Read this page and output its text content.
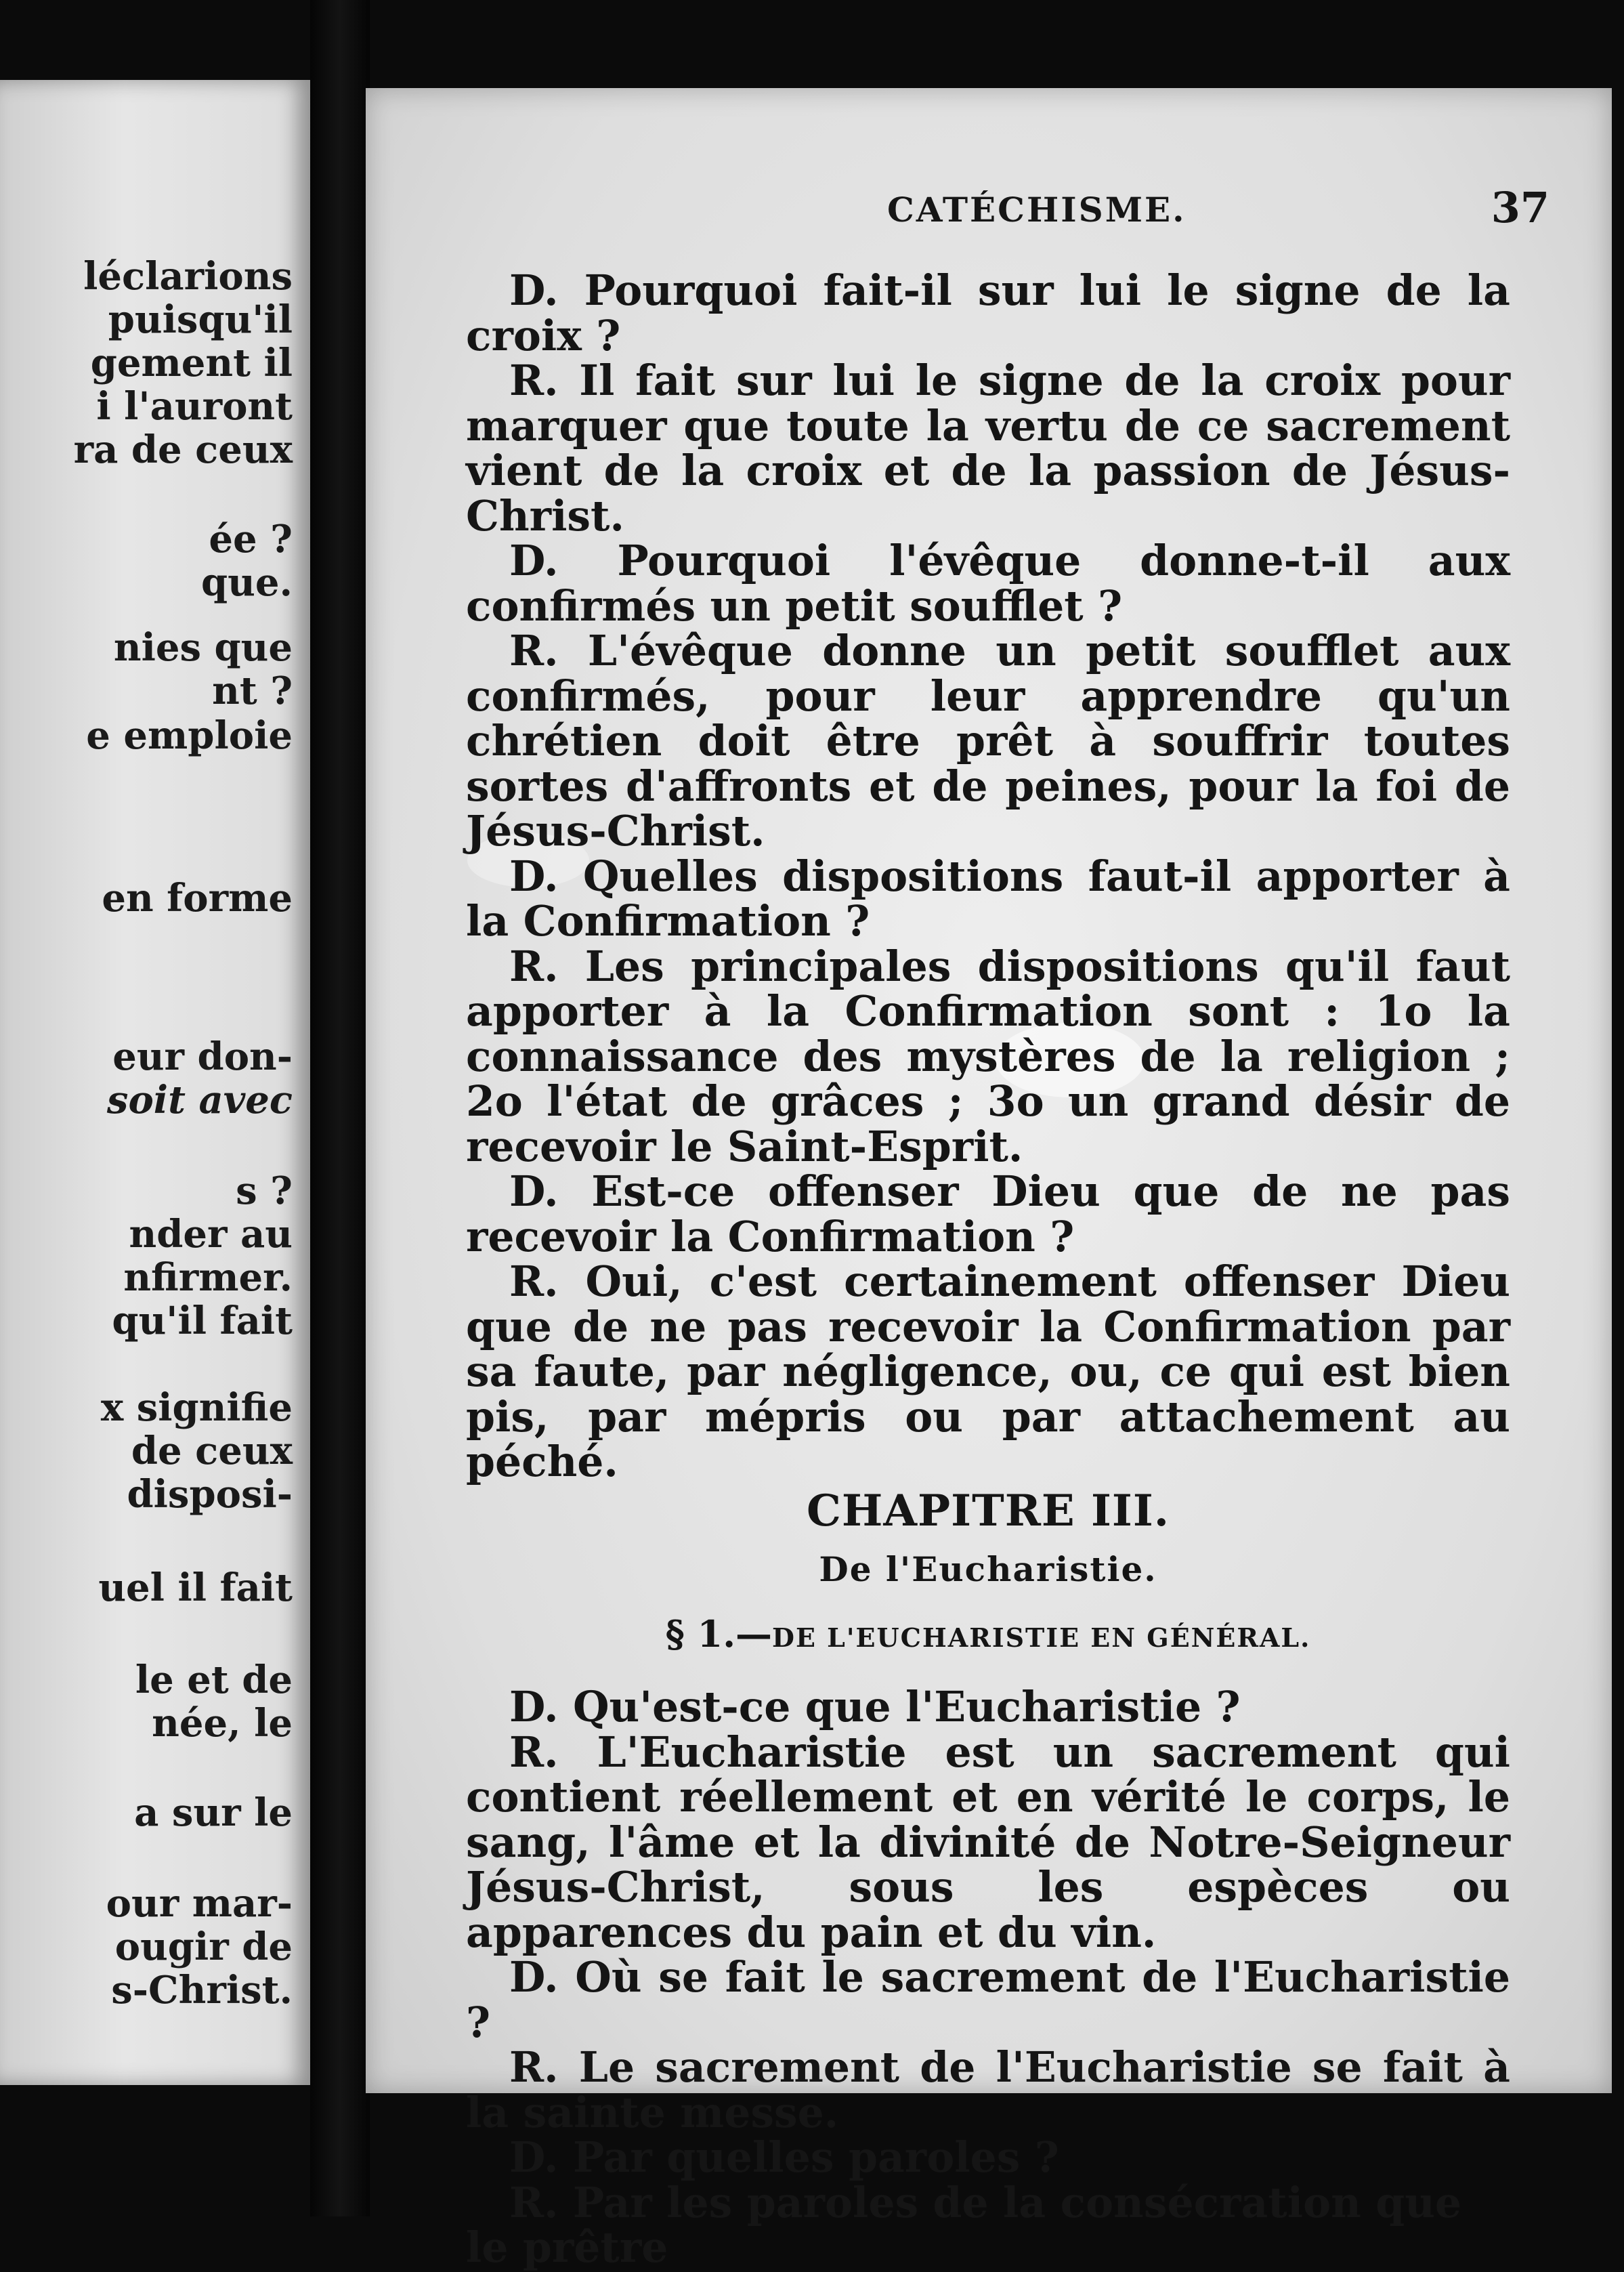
léclarions
puisqu'il
gement il
i l'auront
ra de ceux
ée ?
que.
nies que
nt ?
e emploie
en forme
eur don-
soit avec
s ?
nder au
nfirmer.
qu'il fait
x signifie
de ceux
disposi-
uel il fait
le et de
née, le
a sur le
our mar-
ougir de
s-Christ.
CATÉCHISME.	37

D. Pourquoi fait-il sur lui le signe de la croix ?

R. Il fait sur lui le signe de la croix pour marquer que toute la vertu de ce sacrement vient de la croix et de la passion de Jésus-Christ.

D. Pourquoi l'évêque donne-t-il aux confirmés un petit soufflet ?

R. L'évêque donne un petit soufflet aux confirmés, pour leur apprendre qu'un chrétien doit être prêt à souffrir toutes sortes d'affronts et de peines, pour la foi de Jésus-Christ.

D. Quelles dispositions faut-il apporter à la Confirmation ?

R. Les principales dispositions qu'il faut apporter à la Confirmation sont : 1o la connaissance des mystères de la religion ; 2o l'état de grâces ; 3o un grand désir de recevoir le Saint-Esprit.

D. Est-ce offenser Dieu que de ne pas recevoir la Confirmation ?

R. Oui, c'est certainement offenser Dieu que de ne pas recevoir la Confirmation par sa faute, par négligence, ou, ce qui est bien pis, par mépris ou par attachement au péché.

CHAPITRE III.

De l'Eucharistie.

§ 1.—DE L'EUCHARISTIE EN GÉNÉRAL.

D. Qu'est-ce que l'Eucharistie ?

R. L'Eucharistie est un sacrement qui contient réellement et en vérité le corps, le sang, l'âme et la divinité de Notre-Seigneur Jésus-Christ, sous les espèces ou apparences du pain et du vin.

D. Où se fait le sacrement de l'Eucharistie ?

R. Le sacrement de l'Eucharistie se fait à la sainte messe.

D. Par quelles paroles ?

R. Par les paroles de la consécration que le prêtre
